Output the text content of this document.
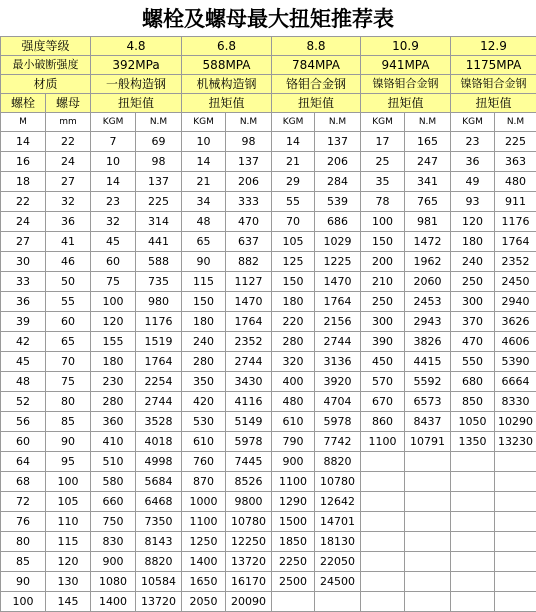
螺栓及螺母最大扭矩推荐表
强度等级		4.8		6.8		8.8		10.9		12.9	
最小破断强度		392MPa		588MPA		784MPA		941MPA		1175MPA	
材质		一般构造钢		机械构造钢		铬钼合金钢		镍铬钼合金钢		镍铬钼合金钢	
螺栓	螺母	扭矩值		扭矩值		扭矩值		扭矩值		扭矩值	
M	mm	KGM	N.M	KGM	N.M	KGM	N.M	KGM	N.M	KGM	N.M
14	22	7	69	10	98	14	137	17	165	23	225
16	24	10	98	14	137	21	206	25	247	36	363
18	27	14	137	21	206	29	284	35	341	49	480
22	32	23	225	34	333	55	539	78	765	93	911
24	36	32	314	48	470	70	686	100	981	120	1176
27	41	45	441	65	637	105	1029	150	1472	180	1764
30	46	60	588	90	882	125	1225	200	1962	240	2352
33	50	75	735	115	1127	150	1470	210	2060	250	2450
36	55	100	980	150	1470	180	1764	250	2453	300	2940
39	60	120	1176	180	1764	220	2156	300	2943	370	3626
42	65	155	1519	240	2352	280	2744	390	3826	470	4606
45	70	180	1764	280	2744	320	3136	450	4415	550	5390
48	75	230	2254	350	3430	400	3920	570	5592	680	6664
52	80	280	2744	420	4116	480	4704	670	6573	850	8330
56	85	360	3528	530	5149	610	5978	860	8437	1050	10290
60	90	410	4018	610	5978	790	7742	1100	10791	1350	13230
64	95	510	4998	760	7445	900	8820				
68	100	580	5684	870	8526	1100	10780				
72	105	660	6468	1000	9800	1290	12642				
76	110	750	7350	1100	10780	1500	14701				
80	115	830	8143	1250	12250	1850	18130				
85	120	900	8820	1400	13720	2250	22050				
90	130	1080	10584	1650	16170	2500	24500				
100	145	1400	13720	2050	20090						
